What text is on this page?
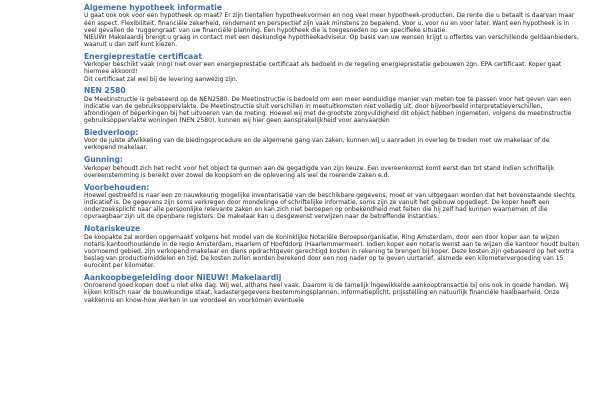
Algemene hypotheek informatie

U gaat ook ook voor een hypotheek op maat? Er zijn tientallen hypotheekvormen en nog veel meer hypotheek-producten. De rente die u betaalt is daarvan maar één aspect. Flexibiliteit, financiële zekerheid, rendement en perspectief zijn vaak minstens zo bepalend. Voor u, voor nu en voor later. Want een hypotheek is in veel gevallen de 'ruggengraat' van uw financiële planning. Een hypotheek die is toegesneden op uw specifieke situatie.

NIEUW! Makelaardij brengt u graag in contact met een deskundige hypotheekadviseur. Op basis van uw wensen krijgt u offertes van verschillende geldaanbieders, waaruit u dan zelf kunt kiezen.

Energieprestatie certificaat

Verkoper beschikt vaak (nog) niet over een energieprestatie certificaat als bedoeld in de regeling energieprestatie gebouwen zgn. EPA certificaat. Koper gaat hiermee akkoord!

Dit certificaat zal wel bij de levering aanwezig zijn.

NEN 2580

De Meetinstructie is gebaseerd op de NEN2580. De Meetinstructie is bedoeld om een meer eenduidige manier van meten toe te passen voor het geven van een indicatie van de gebruiksoppervlakte. De Meetinstructie sluit verschillen in meetuitkomsten niet volledig uit, door bijvoorbeeld interpretatieverschillen, afrondingen of beperkingen bij het uitvoeren van de meting. Hoewel wij met de grootste zorgvuldigheid dit object hebben ingemeten, volgens de meetinstructie gebruiksoppervlakte woningen (NEN 2580), kunnen wij hier geen aansprakelijkheid voor aanvaarden

Biedverloop:

Voor de juiste afwikkeling van de biedingsprocedure en de algemene gang van zaken, kunnen wij u aanraden in overleg te treden met uw makelaar of de verkopend makelaar.

Gunning:

Verkoper behoudt zich het recht voor het object te gunnen aan de gegadigde van zijn keuze. Een overeenkomst komt eerst dan tot stand indien schriftelijk overeenstemming is bereikt over zowel de koopsom en de oplevering als wel de roerende zaken e.d.

Voorbehouden:

Hoewel gestreefd is naar een zo nauwkeurig mogelijke inventarisatie van de beschikbare gegevens, moet er van uitgegaan worden dat het bovenstaande slechts indicatief is. De gegevens zijn soms verkregen door mondelinge of schriftelijke informatie, soms zijn ze vanuit het gebouw opgediept. De koper heeft een onderzoeksplicht naar alle persoonlijke relevante zaken en kan zich niet beroepen op onbekendheid met feiten die hij zelf had kunnen waarnemen of die opvraagbaar zijn uit de openbare registers. De makelaar kan u desgewenst verwijzen naar de betreffende instanties.

Notariskeuze

De koopakte zal worden opgemaakt volgens het model van de Koninklijke Notariële Beroepsorganisatie, Ring Amsterdam, door een door koper aan te wijzen notaris kantoorhoudende in de regio Amsterdam, Haarlem of Hoofddorp (Haarlemmermeer). Indien koper een notaris wenst aan te wijzen die kantoor houdt buiten voornoemd gebied, zijn verkopend makelaar en diens opdrachtgever gerechtigd kosten in rekening te brengen bij koper. Deze kosten zijn gebaseerd op het extra beslag van productiemiddelen en tijd. De kosten zullen worden berekend door een nog nader op te geven uurtarief, alsmede een kilometervergoeding van 15 eurocent per kilometer.

Aankoopbegeleiding door NIEUW! Makelaardij

Onroerend goed kopen doet u niet elke dag. Wij wel, althans heel vaak. Daarom is de tamelijk ingewikkelde aankooptransactie bij ons ook in goede handen. Wij kijken kritisch naar de bouwkundige staat, kadastergegevens bestemmingsplannen, informatieplicht, prijsstelling en natuurlijk financiële haalbaarheid. Onze vakkennis en know-how werken in uw voordeel en voorkómen eventuele
